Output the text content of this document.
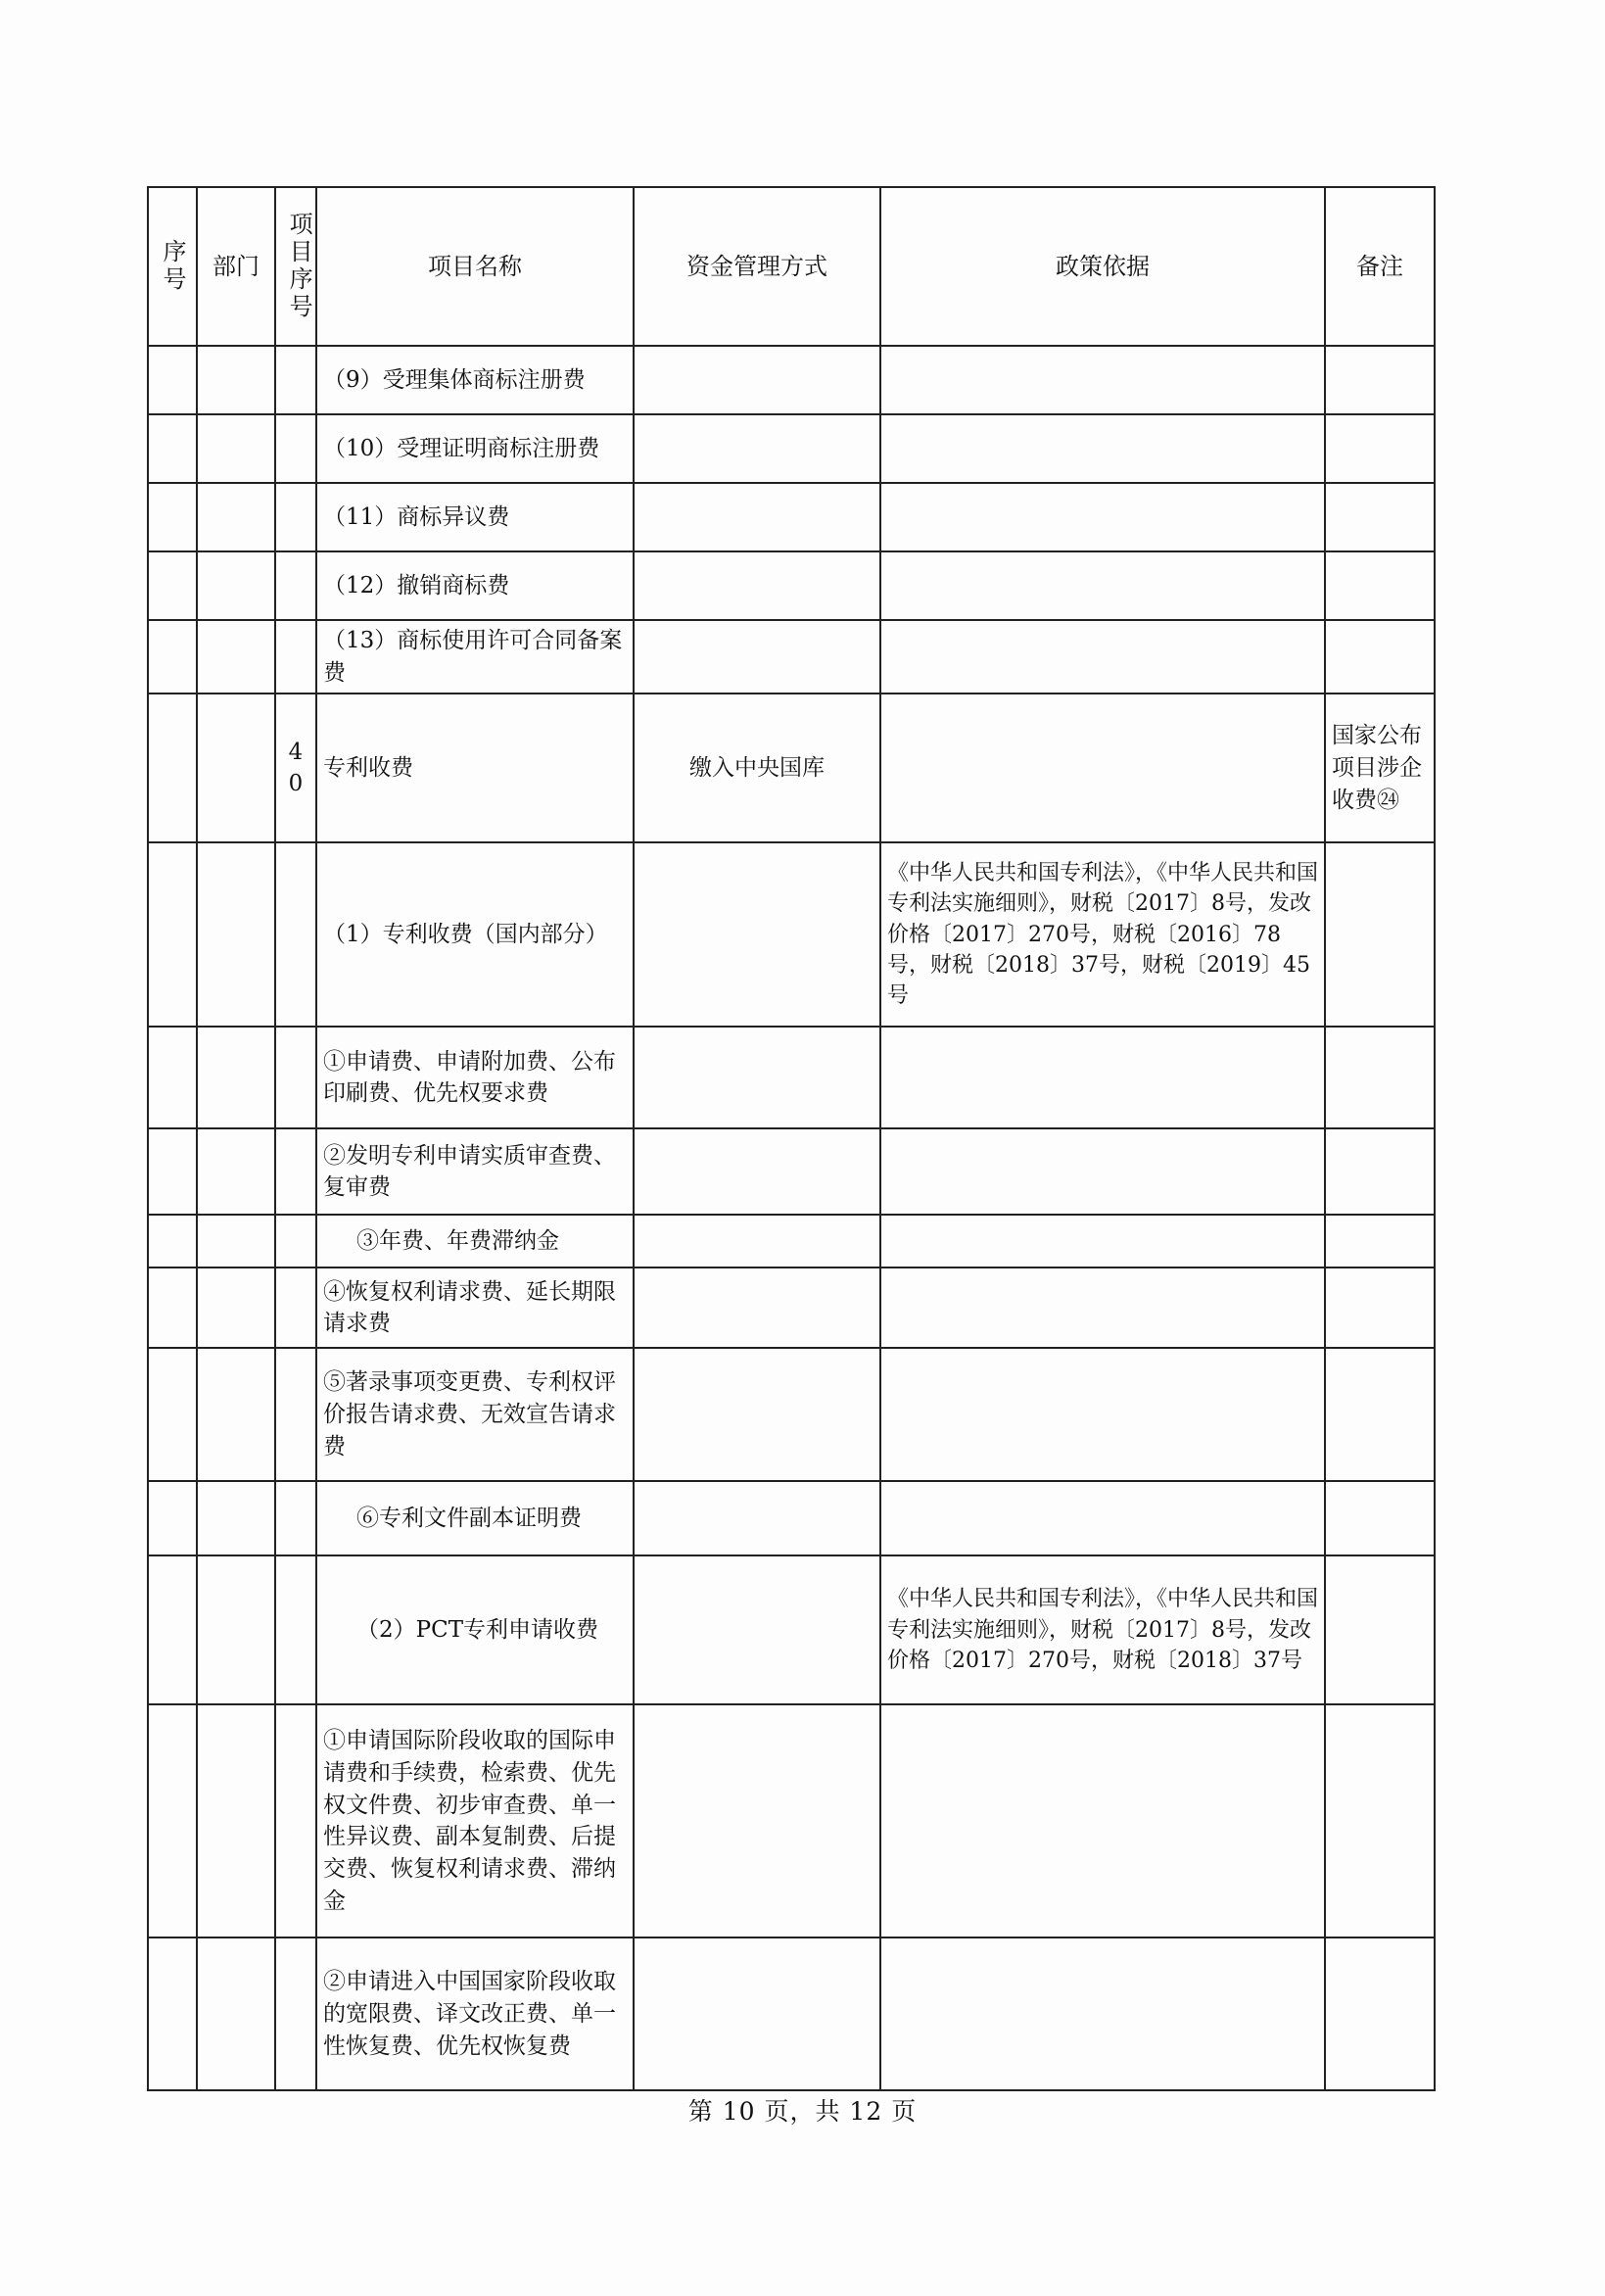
序号	部门	项目序号	项目名称	资金管理方式	政策依据	备注
			（9）受理集体商标注册费			
			（10）受理证明商标注册费			
			（11）商标异议费			
			（12）撤销商标费			
			（13）商标使用许可合同备案费			
		40	专利收费	缴入中央国库		国家公布项目涉企收费㉔
			（1）专利收费（国内部分）		《中华人民共和国专利法》，《中华人民共和国专利法实施细则》，财税〔2017〕8号，发改价格〔2017〕270号，财税〔2016〕78号，财税〔2018〕37号，财税〔2019〕45号	
			①申请费、申请附加费、公布印刷费、优先权要求费			
			②发明专利申请实质审查费、复审费			
			③年费、年费滞纳金			
			④恢复权利请求费、延长期限请求费			
			⑤著录事项变更费、专利权评价报告请求费、无效宣告请求费			
			⑥专利文件副本证明费			
			（2）PCT专利申请收费		《中华人民共和国专利法》，《中华人民共和国专利法实施细则》，财税〔2017〕8号，发改价格〔2017〕270号，财税〔2018〕37号	
			①申请国际阶段收取的国际申请费和手续费，检索费、优先权文件费、初步审查费、单一性异议费、副本复制费、后提交费、恢复权利请求费、滞纳金			
			②申请进入中国国家阶段收取的宽限费、译文改正费、单一性恢复费、优先权恢复费			
第 10 页，共 12 页
